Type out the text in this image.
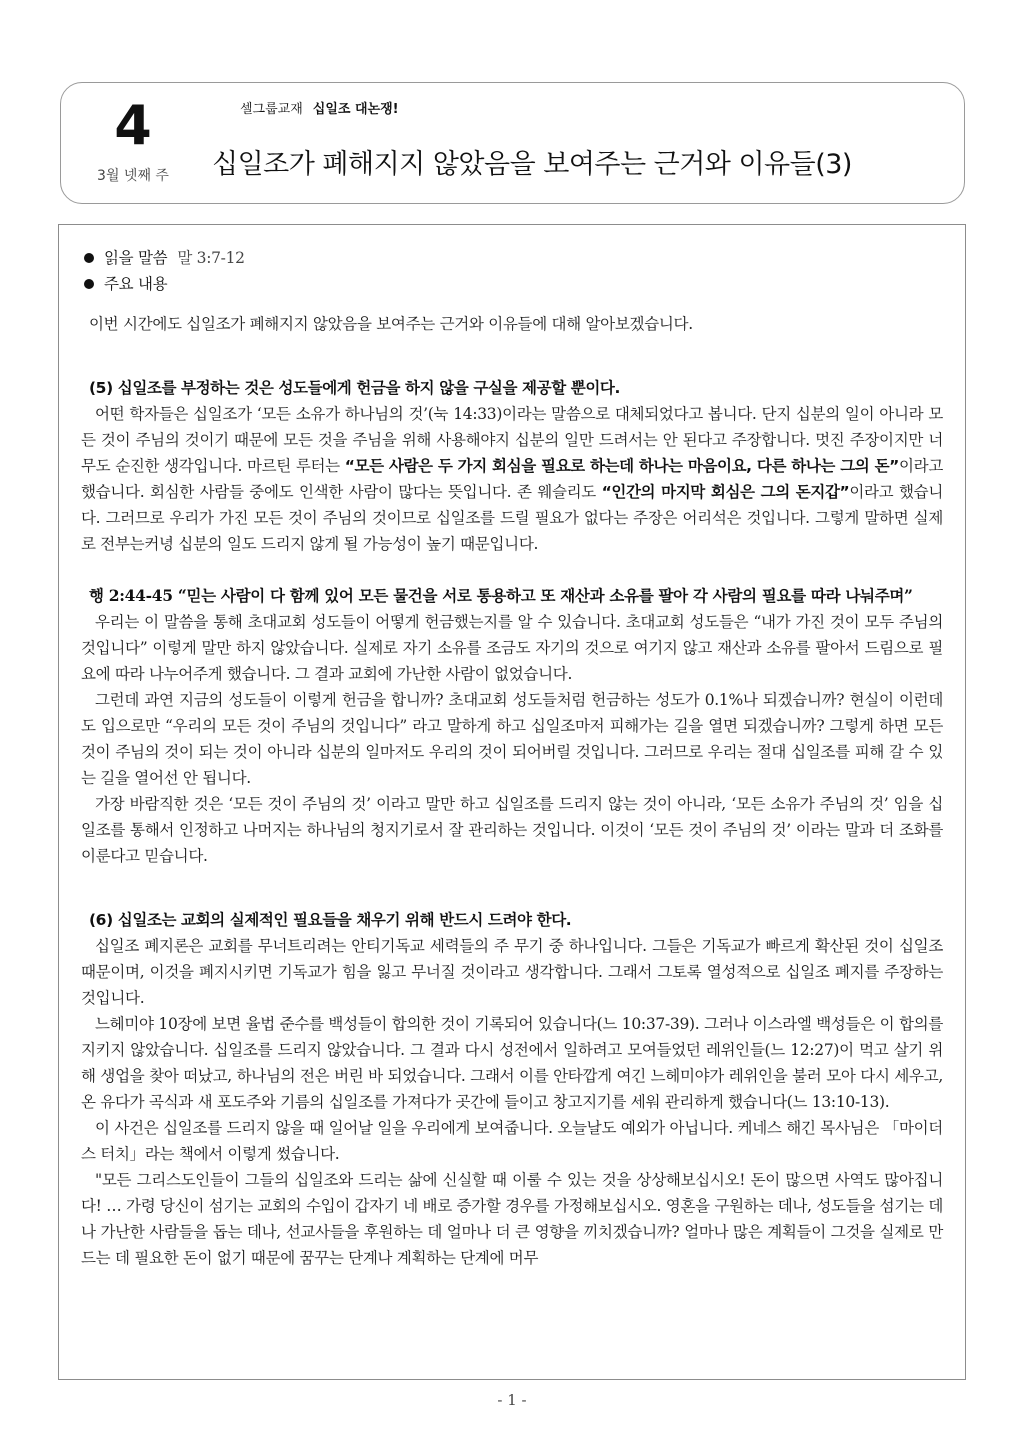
4
3월 넷째 주
셀그룹교재 십일조 대논쟁!
십일조가 폐해지지 않았음을 보여주는 근거와 이유들(3)
읽을 말씀 말 3:7-12
주요 내용

이번 시간에도 십일조가 폐해지지 않았음을 보여주는 근거와 이유들에 대해 알아보겠습니다.

(5) 십일조를 부정하는 것은 성도들에게 헌금을 하지 않을 구실을 제공할 뿐이다.

어떤 학자들은 십일조가 ‘모든 소유가 하나님의 것’(눅 14:33)이라는 말씀으로 대체되었다고 봅니다. 단지 십분의 일이 아니라 모든 것이 주님의 것이기 때문에 모든 것을 주님을 위해 사용해야지 십분의 일만 드려서는 안 된다고 주장합니다. 멋진 주장이지만 너무도 순진한 생각입니다. 마르틴 루터는 “모든 사람은 두 가지 회심을 필요로 하는데 하나는 마음이요, 다른 하나는 그의 돈”이라고 했습니다. 회심한 사람들 중에도 인색한 사람이 많다는 뜻입니다. 존 웨슬리도 “인간의 마지막 회심은 그의 돈지갑”이라고 했습니다. 그러므로 우리가 가진 모든 것이 주님의 것이므로 십일조를 드릴 필요가 없다는 주장은 어리석은 것입니다. 그렇게 말하면 실제로 전부는커녕 십분의 일도 드리지 않게 될 가능성이 높기 때문입니다.

행 2:44-45 “믿는 사람이 다 함께 있어 모든 물건을 서로 통용하고 또 재산과 소유를 팔아 각 사람의 필요를 따라 나눠주며”

우리는 이 말씀을 통해 초대교회 성도들이 어떻게 헌금했는지를 알 수 있습니다. 초대교회 성도들은 “내가 가진 것이 모두 주님의 것입니다” 이렇게 말만 하지 않았습니다. 실제로 자기 소유를 조금도 자기의 것으로 여기지 않고 재산과 소유를 팔아서 드림으로 필요에 따라 나누어주게 했습니다. 그 결과 교회에 가난한 사람이 없었습니다.

그런데 과연 지금의 성도들이 이렇게 헌금을 합니까? 초대교회 성도들처럼 헌금하는 성도가 0.1%나 되겠습니까? 현실이 이런데도 입으로만 “우리의 모든 것이 주님의 것입니다” 라고 말하게 하고 십일조마저 피해가는 길을 열면 되겠습니까? 그렇게 하면 모든 것이 주님의 것이 되는 것이 아니라 십분의 일마저도 우리의 것이 되어버릴 것입니다. 그러므로 우리는 절대 십일조를 피해 갈 수 있는 길을 열어선 안 됩니다.

가장 바람직한 것은 ‘모든 것이 주님의 것’ 이라고 말만 하고 십일조를 드리지 않는 것이 아니라, ‘모든 소유가 주님의 것’ 임을 십일조를 통해서 인정하고 나머지는 하나님의 청지기로서 잘 관리하는 것입니다. 이것이 ‘모든 것이 주님의 것’ 이라는 말과 더 조화를 이룬다고 믿습니다.

(6) 십일조는 교회의 실제적인 필요들을 채우기 위해 반드시 드려야 한다.

십일조 폐지론은 교회를 무너트리려는 안티기독교 세력들의 주 무기 중 하나입니다. 그들은 기독교가 빠르게 확산된 것이 십일조 때문이며, 이것을 폐지시키면 기독교가 힘을 잃고 무너질 것이라고 생각합니다. 그래서 그토록 열성적으로 십일조 폐지를 주장하는 것입니다.

느헤미야 10장에 보면 율법 준수를 백성들이 합의한 것이 기록되어 있습니다(느 10:37-39). 그러나 이스라엘 백성들은 이 합의를 지키지 않았습니다. 십일조를 드리지 않았습니다. 그 결과 다시 성전에서 일하려고 모여들었던 레위인들(느 12:27)이 먹고 살기 위해 생업을 찾아 떠났고, 하나님의 전은 버린 바 되었습니다. 그래서 이를 안타깝게 여긴 느헤미야가 레위인을 불러 모아 다시 세우고, 온 유다가 곡식과 새 포도주와 기름의 십일조를 가져다가 곳간에 들이고 창고지기를 세워 관리하게 했습니다(느 13:10-13).

이 사건은 십일조를 드리지 않을 때 일어날 일을 우리에게 보여줍니다. 오늘날도 예외가 아닙니다. 케네스 해긴 목사님은 「마이더스 터치」라는 책에서 이렇게 썼습니다.

"모든 그리스도인들이 그들의 십일조와 드리는 삶에 신실할 때 이룰 수 있는 것을 상상해보십시오! 돈이 많으면 사역도 많아집니다! … 가령 당신이 섬기는 교회의 수입이 갑자기 네 배로 증가할 경우를 가정해보십시오. 영혼을 구원하는 데나, 성도들을 섬기는 데나 가난한 사람들을 돕는 데나, 선교사들을 후원하는 데 얼마나 더 큰 영향을 끼치겠습니까? 얼마나 많은 계획들이 그것을 실제로 만드는 데 필요한 돈이 없기 때문에 꿈꾸는 단계나 계획하는 단계에 머무

- 1 -
